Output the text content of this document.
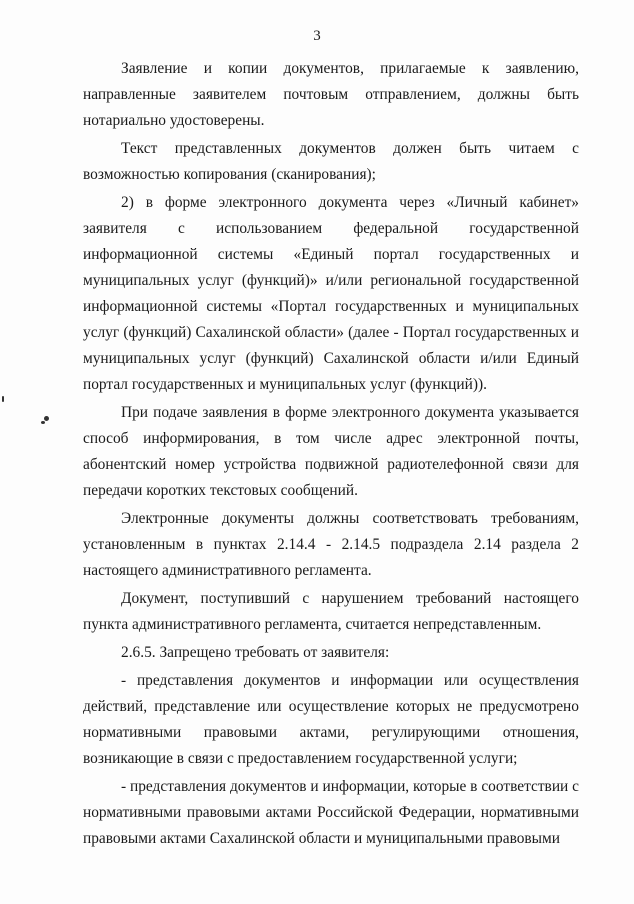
3

Заявление и копии документов, прилагаемые к заявлению, направленные заявителем почтовым отправлением, должны быть нотариально удостоверены.

Текст представленных документов должен быть читаем с возможностью копирования (сканирования);

2) в форме электронного документа через «Личный кабинет» заявителя с использованием федеральной государственной информационной системы «Единый портал государственных и муниципальных услуг (функций)» и/или региональной государственной информационной системы «Портал государственных и муниципальных услуг (функций) Сахалинской области» (далее - Портал государственных и муниципальных услуг (функций) Сахалинской области и/или Единый портал государственных и муниципальных услуг (функций)).

При подаче заявления в форме электронного документа указывается способ информирования, в том числе адрес электронной почты, абонентский номер устройства подвижной радиотелефонной связи для передачи коротких текстовых сообщений.

Электронные документы должны соответствовать требованиям, установленным в пунктах 2.14.4 - 2.14.5 подраздела 2.14 раздела 2 настоящего административного регламента.

Документ, поступивший с нарушением требований настоящего пункта административного регламента, считается непредставленным.

2.6.5. Запрещено требовать от заявителя:

- представления документов и информации или осуществления действий, представление или осуществление которых не предусмотрено нормативными правовыми актами, регулирующими отношения, возникающие в связи с предоставлением государственной услуги;

- представления документов и информации, которые в соответствии с нормативными правовыми актами Российской Федерации, нормативными правовыми актами Сахалинской области и муниципальными правовыми
